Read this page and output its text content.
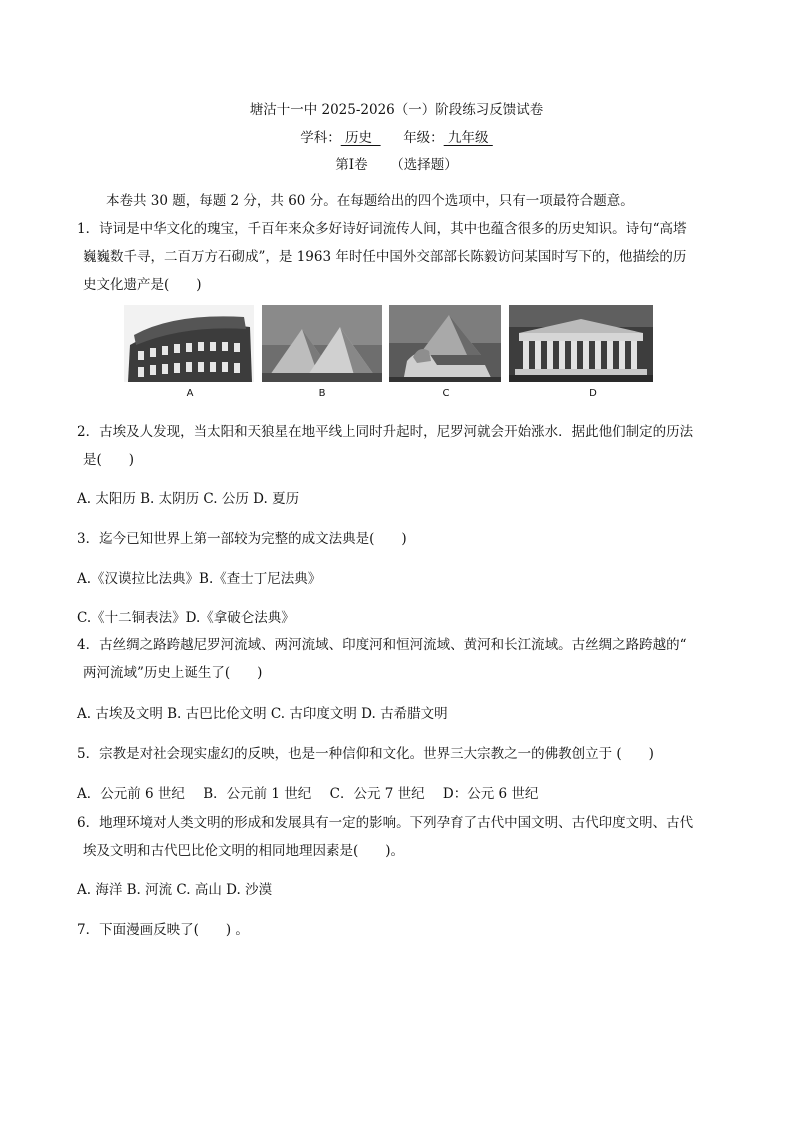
塘沽十一中 2025-2026（一）阶段练习反馈试卷
学科： 历史 年级： 九年级
第Ⅰ卷 （选择题）
本卷共 30 题，每题 2 分，共 60 分。在每题给出的四个选项中，只有一项最符合题意。
1．诗词是中华文化的瑰宝，千百年来众多好诗好词流传人间，其中也蕴含很多的历史知识。诗句“高塔
巍巍数千寻，二百万方石砌成”，是 1963 年时任中国外交部部长陈毅访问某国时写下的，他描绘的历
史文化遗产是(　　)
A	B	C	D
2．古埃及人发现，当太阳和天狼星在地平线上同时升起时，尼罗河就会开始涨水．据此他们制定的历法
是(　　)
A. 太阳历 B. 太阴历 C. 公历 D. 夏历
3．迄今已知世界上第一部较为完整的成文法典是(　　)
A.《汉谟拉比法典》B.《查士丁尼法典》
C.《十二铜表法》D.《拿破仑法典》
4．古丝绸之路跨越尼罗河流域、两河流域、印度河和恒河流域、黄河和长江流域。古丝绸之路跨越的“
两河流域”历史上诞生了(　　)
A. 古埃及文明 B. 古巴比伦文明 C. 古印度文明 D. 古希腊文明
5．宗教是对社会现实虚幻的反映，也是一种信仰和文化。世界三大宗教之一的佛教创立于 (　　)
A．公元前 6 世纪 B．公元前 1 世纪 C．公元 7 世纪 D：公元 6 世纪
6．地理环境对人类文明的形成和发展具有一定的影响。下列孕育了古代中国文明、古代印度文明、古代
埃及文明和古代巴比伦文明的相同地理因素是(　　)。
A. 海洋 B. 河流 C. 高山 D. 沙漠
7．下面漫画反映了(　　) 。
